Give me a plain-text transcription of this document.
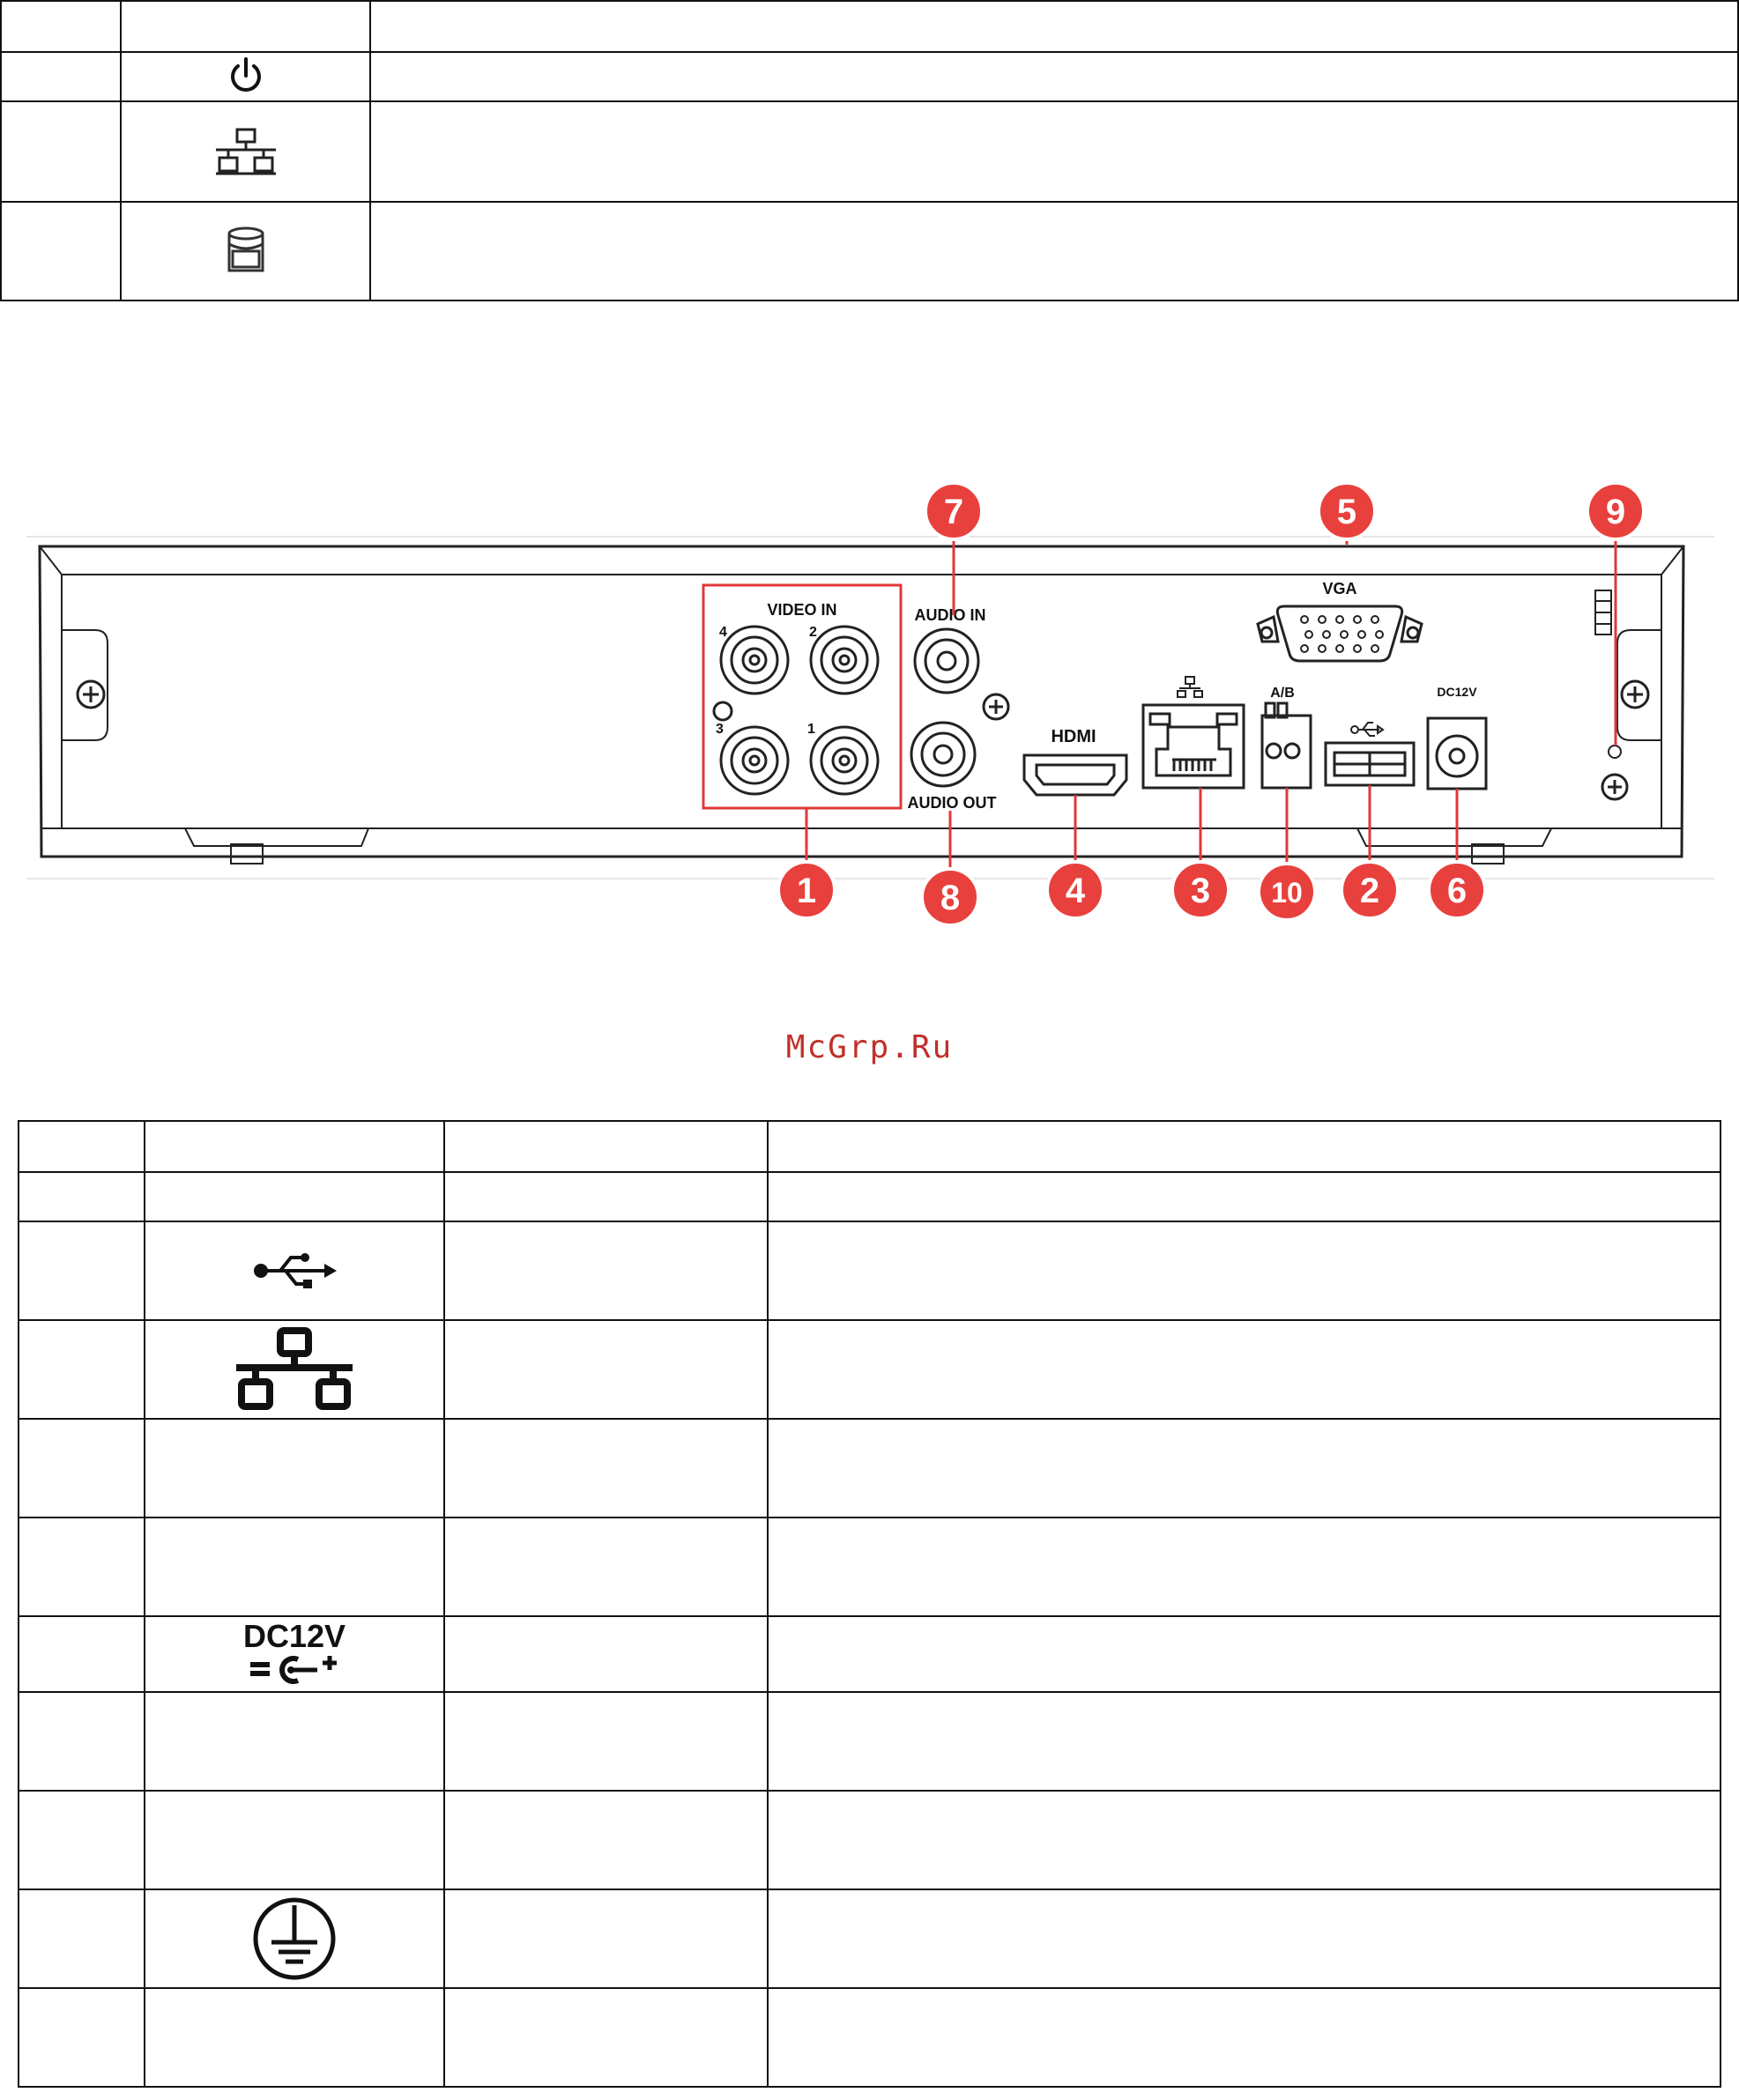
VIDEO IN
4	2
3	1
AUDIO IN
AUDIO OUT
HDMI
A/B	DC12V
VGA
7	5	9
1	8	4	3 10 2 6
McGrp.Ru

DC12V		
